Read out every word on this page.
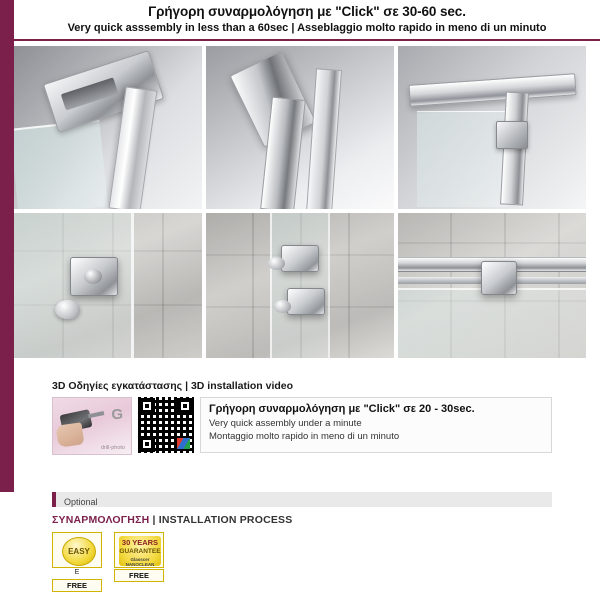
Γρήγορη συναρμολόγηση με "Click" σε 30-60 sec.
Very quick asssembly in less than a 60sec | Asseblaggio molto rapido in meno di un minuto
3D Οδηγίες εγκατάστασης | 3D installation video
G
drill-photo
Γρήγορη συναρμολόγηση με "Click" σε 20 - 30sec.
Very quick assembly under a minute
Montaggio molto rapido in meno di un minuto
Optional
ΣΥΝΑΡΜΟΛΟΓΗΣΗ | INSTALLATION PROCESS
EASY
E
FREE
30 YEARS
GUARANTEE
Glasscer NANOCLEAN
FREE
